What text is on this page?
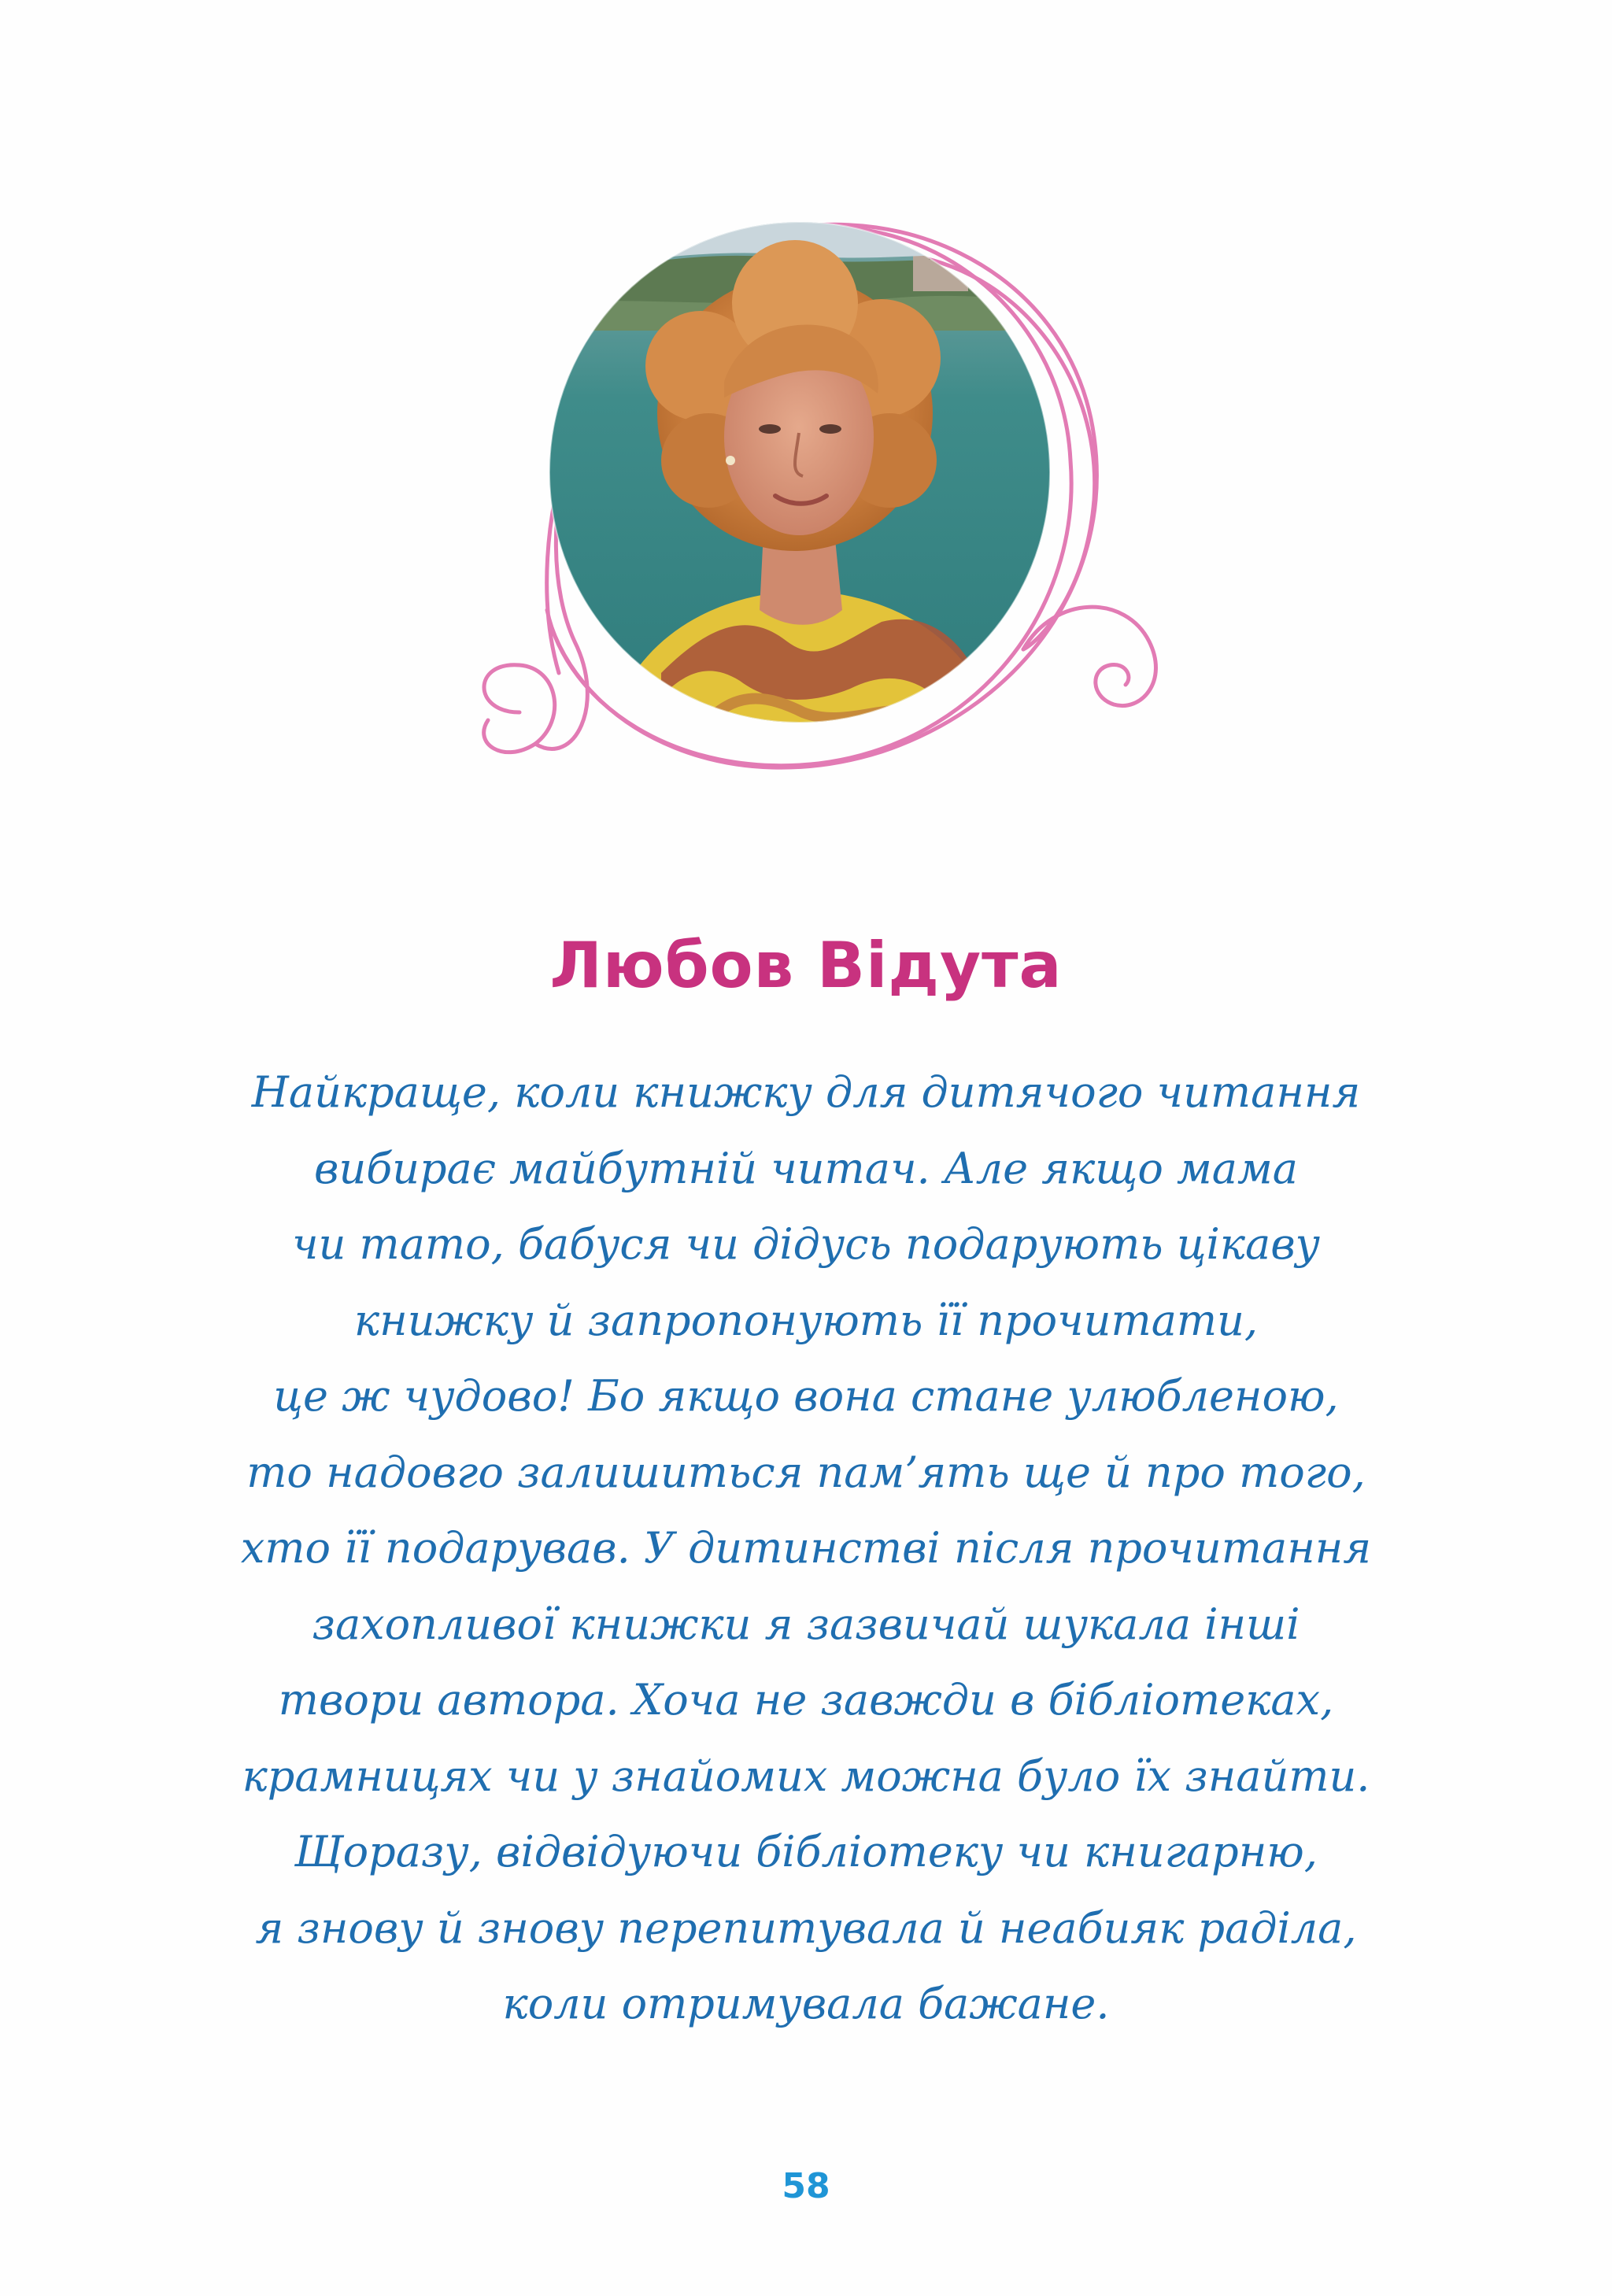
Любов Відута
Найкраще, коли книжку для дитячого читання
вибирає майбутній читач. Але якщо мама
чи тато, бабуся чи дідусь подарують цікаву
книжку й запропонують її прочитати,
це ж чудово! Бо якщо вона стане улюбленою,
то надовго залишиться пам’ять ще й про того,
хто її подарував. У дитинстві після прочитання
захопливої книжки я зазвичай шукала інші
твори автора. Хоча не завжди в бібліотеках,
крамницях чи у знайомих можна було їх знайти.
Щоразу, відвідуючи бібліотеку чи книгарню,
я знову й знову перепитувала й неабияк раділа,
коли отримувала бажане.
58
